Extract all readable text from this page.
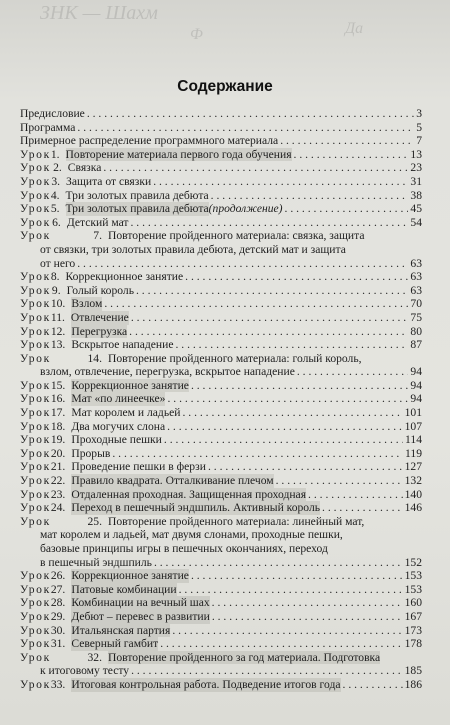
ЗНК — Шахм
Ф	Да
Содержание
Предисловие . . .	3
Программа . . .	5
Примерное распределение программного материала . . .	7
Урок 1. Повторение материала первого года обучения . . .	13
Урок 2. Связка . . .	23
Урок 3. Защита от связки . . .	31
Урок 4. Три золотых правила дебюта . . .	38
Урок 5. Три золотых правила дебюта (продолжение) . . .	45
Урок 6. Детский мат . . .	54
Урок	7. Повторение пройденного материала: связка, защита
от связки, три золотых правила дебюта, детский мат и защита
от него . . .	63
Урок 8. Коррекционное занятие . . .	63
Урок 9. Голый король . . .	63
Урок 10. Взлом . . .	70
Урок 11. Отвлечение . . .	75
Урок 12. Перегрузка . . .	80
Урок 13. Вскрытое нападение . . .	87
Урок	14. Повторение пройденного материала: голый король,
взлом, отвлечение, перегрузка, вскрытое нападение . . .	94
Урок 15. Коррекционное занятие . . .	94
Урок 16. Мат «по линеечке» . . .	94
Урок 17. Мат королем и ладьей . . .	101
Урок 18. Два могучих слона . . .	107
Урок 19. Проходные пешки . . .	114
Урок 20. Прорыв . . .	119
Урок 21. Проведение пешки в ферзи . . .	127
Урок 22. Правило квадрата. Отталкивание плечом . . .	132
Урок 23. Отдаленная проходная. Защищенная проходная . . .	140
Урок 24. Переход в пешечный эндшпиль. Активный король . . .	146
Урок	25. Повторение пройденного материала: линейный мат,
мат королем и ладьей, мат двумя слонами, проходные пешки,
базовые принципы игры в пешечных окончаниях, переход
в пешечный эндшпиль . . .	152
Урок 26. Коррекционное занятие . . .	153
Урок 27. Патовые комбинации . . .	153
Урок 28. Комбинации на вечный шах . . .	160
Урок 29. Дебют – перевес в развитии . . .	167
Урок 30. Итальянская партия . . .	173
Урок 31. Северный гамбит . . .	178
Урок	32. Повторение пройденного за год материала. Подготовка
к итоговому тесту . . .	185
Урок 33. Итоговая контрольная работа. Подведение итогов года . . .	186
